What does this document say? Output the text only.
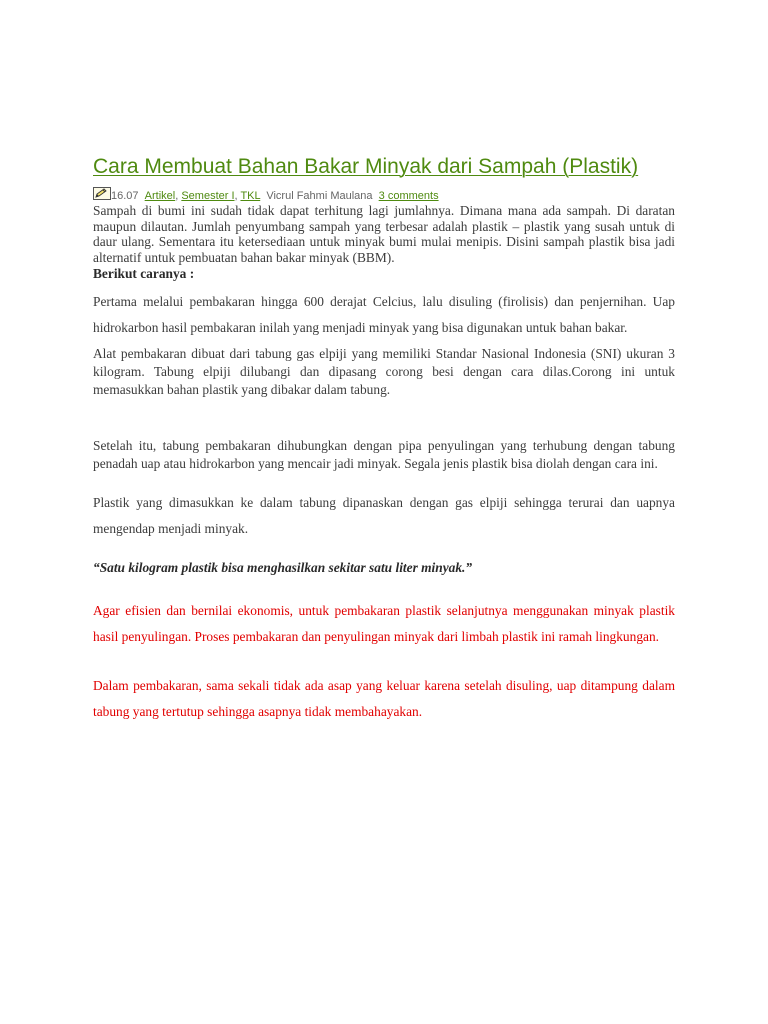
Cara Membuat Bahan Bakar Minyak dari Sampah (Plastik)
16.07 Artikel, Semester I, TKL Vicrul Fahmi Maulana 3 comments

Sampah di bumi ini sudah tidak dapat terhitung lagi jumlahnya. Dimana mana ada sampah. Di daratan maupun dilautan. Jumlah penyumbang sampah yang terbesar adalah plastik – plastik yang susah untuk di daur ulang. Sementara itu ketersediaan untuk minyak bumi mulai menipis. Disini sampah plastik bisa jadi alternatif untuk pembuatan bahan bakar minyak (BBM).

Berikut caranya :

Pertama melalui pembakaran hingga 600 derajat Celcius, lalu disuling (firolisis) dan penjernihan. Uap hidrokarbon hasil pembakaran inilah yang menjadi minyak yang bisa digunakan untuk bahan bakar.

Alat pembakaran dibuat dari tabung gas elpiji yang memiliki Standar Nasional Indonesia (SNI) ukuran 3 kilogram. Tabung elpiji dilubangi dan dipasang corong besi dengan cara dilas.Corong ini untuk memasukkan bahan plastik yang dibakar dalam tabung.

Setelah itu, tabung pembakaran dihubungkan dengan pipa penyulingan yang terhubung dengan tabung penadah uap atau hidrokarbon yang mencair jadi minyak. Segala jenis plastik bisa diolah dengan cara ini.

Plastik yang dimasukkan ke dalam tabung dipanaskan dengan gas elpiji sehingga terurai dan uapnya mengendap menjadi minyak.

“Satu kilogram plastik bisa menghasilkan sekitar satu liter minyak.”

Agar efisien dan bernilai ekonomis, untuk pembakaran plastik selanjutnya menggunakan minyak plastik hasil penyulingan. Proses pembakaran dan penyulingan minyak dari limbah plastik ini ramah lingkungan.

Dalam pembakaran, sama sekali tidak ada asap yang keluar karena setelah disuling, uap ditampung dalam tabung yang tertutup sehingga asapnya tidak membahayakan.
